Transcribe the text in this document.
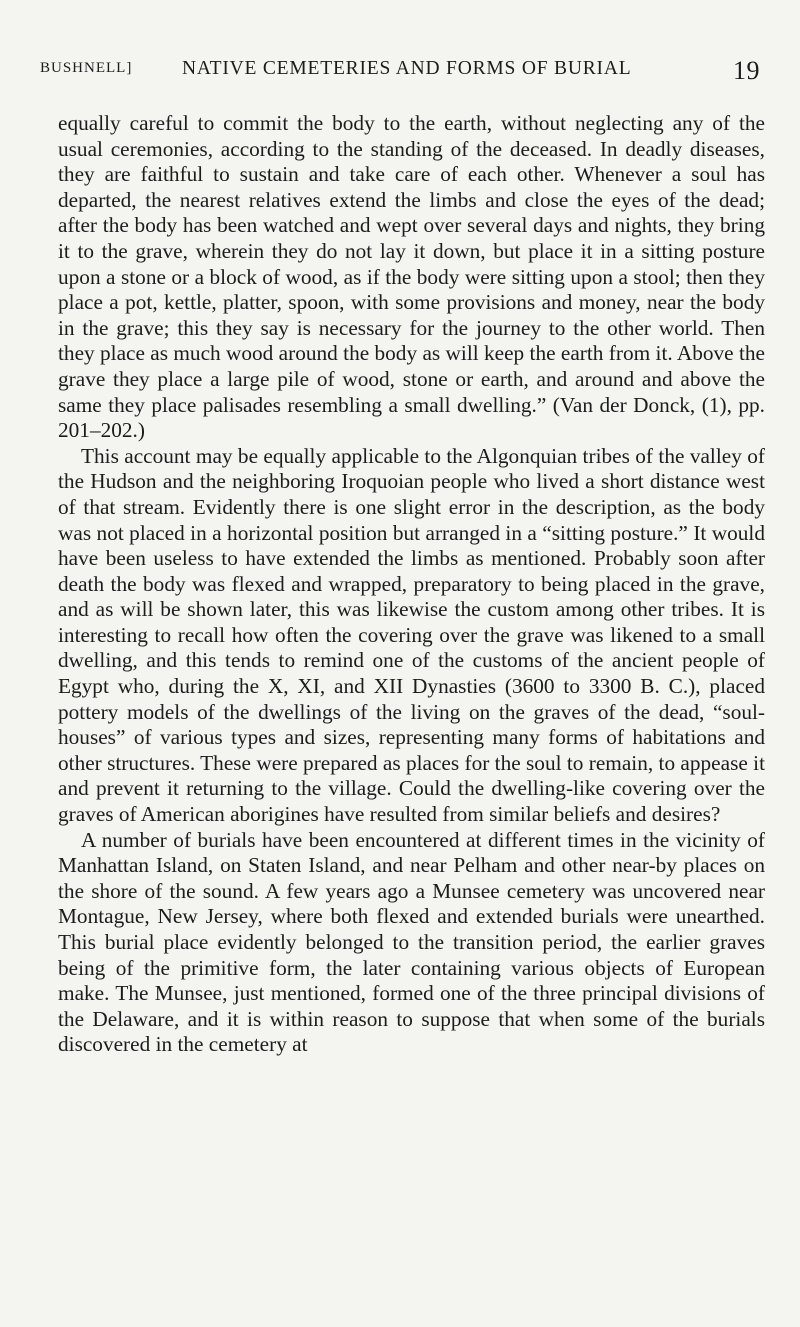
BUSHNELL]	NATIVE CEMETERIES AND FORMS OF BURIAL	19

equally careful to commit the body to the earth, without neglecting any of the usual ceremonies, according to the standing of the deceased. In deadly diseases, they are faithful to sustain and take care of each other. Whenever a soul has departed, the nearest relatives extend the limbs and close the eyes of the dead; after the body has been watched and wept over several days and nights, they bring it to the grave, wherein they do not lay it down, but place it in a sitting posture upon a stone or a block of wood, as if the body were sitting upon a stool; then they place a pot, kettle, platter, spoon, with some provisions and money, near the body in the grave; this they say is necessary for the journey to the other world. Then they place as much wood around the body as will keep the earth from it. Above the grave they place a large pile of wood, stone or earth, and around and above the same they place palisades resembling a small dwelling.” (Van der Donck, (1), pp. 201–202.)

This account may be equally applicable to the Algonquian tribes of the valley of the Hudson and the neighboring Iroquoian people who lived a short distance west of that stream. Evidently there is one slight error in the description, as the body was not placed in a horizontal position but arranged in a “sitting posture.” It would have been useless to have extended the limbs as mentioned. Probably soon after death the body was flexed and wrapped, preparatory to being placed in the grave, and as will be shown later, this was likewise the custom among other tribes. It is interesting to recall how often the covering over the grave was likened to a small dwelling, and this tends to remind one of the customs of the ancient people of Egypt who, during the X, XI, and XII Dynasties (3600 to 3300 B. C.), placed pottery models of the dwellings of the living on the graves of the dead, “soul-houses” of various types and sizes, representing many forms of habitations and other structures. These were prepared as places for the soul to remain, to appease it and prevent it returning to the village. Could the dwelling-like covering over the graves of American aborigines have resulted from similar beliefs and desires?

A number of burials have been encountered at different times in the vicinity of Manhattan Island, on Staten Island, and near Pelham and other near-by places on the shore of the sound. A few years ago a Munsee cemetery was uncovered near Montague, New Jersey, where both flexed and extended burials were unearthed. This burial place evidently belonged to the transition period, the earlier graves being of the primitive form, the later containing various objects of European make. The Munsee, just mentioned, formed one of the three principal divisions of the Delaware, and it is within reason to suppose that when some of the burials discovered in the cemetery at
